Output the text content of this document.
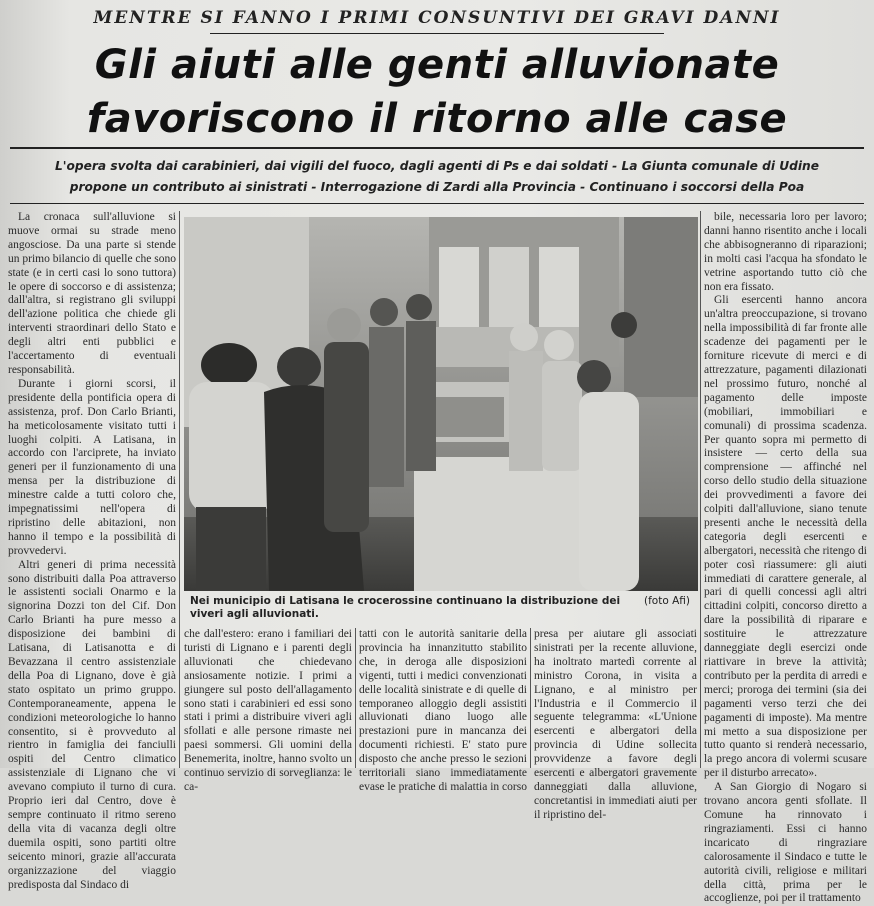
MENTRE SI FANNO I PRIMI CONSUNTIVI DEI GRAVI DANNI
Gli aiuti alle genti alluvionate
favoriscono il ritorno alle case
L'opera svolta dai carabinieri, dai vigili del fuoco, dagli agenti di Ps e dai soldati - La Giunta comunale di Udine
propone un contributo ai sinistrati - Interrogazione di Zardi alla Provincia - Continuano i soccorsi della Poa

La cronaca sull'alluvione si muove ormai su strade meno angosciose. Da una parte si stende un primo bilancio di quelle che sono state (e in certi casi lo sono tuttora) le opere di soccorso e di assistenza; dall'altra, si registrano gli sviluppi dell'azione politica che chiede gli interventi straordinari dello Stato e degli altri enti pubblici e l'accertamento di eventuali responsabilità.

Durante i giorni scorsi, il presidente della pontificia opera di assistenza, prof. Don Carlo Brianti, ha meticolosamente visitato tutti i luoghi colpiti. A Latisana, in accordo con l'arciprete, ha inviato generi per il funzionamento di una mensa per la distribuzione di minestre calde a tutti coloro che, impegnatissimi nell'opera di ripristino delle abitazioni, non hanno il tempo e la possibilità di provvedervi.

Altri generi di prima necessità sono distribuiti dalla Poa attraverso le assistenti sociali Onarmo e la signorina Dozzi ton del Cif. Don Carlo Brianti ha pure messo a disposizione dei bambini di Latisana, di Latisanotta e di Bevazzana il centro assistenziale della Poa di Lignano, dove è già stato ospitato un primo gruppo. Contemporaneamente, appena le condizioni meteorologiche lo hanno consentito, si è provveduto al rientro in famiglia dei fanciulli ospiti del Centro climatico assistenziale di Lignano che vi avevano compiuto il turno di cura. Proprio ieri dal Centro, dove è sempre continuato il ritmo sereno della vita di vacanza degli oltre duemila ospiti, sono partiti oltre seicento minori, grazie all'accurata organizzazione del viaggio predisposta dal Sindaco di

(foto Afi)
Nei municipio di Latisana le crocerossine continuano la distribuzione dei viveri agli alluvionati.

bile, necessaria loro per lavoro; danni hanno risentito anche i locali che abbisogneranno di riparazioni; in molti casi l'acqua ha sfondato le vetrine asportando tutto ciò che non era fissato.

Gli esercenti hanno ancora un'altra preoccupazione, si trovano nella impossibilità di far fronte alle scadenze dei pagamenti per le forniture ricevute di merci e di attrezzature, pagamenti dilazionati nel prossimo futuro, nonché al pagamento delle imposte (mobiliari, immobiliari e comunali) di prossima scadenza. Per quanto sopra mi permetto di insistere — certo della sua comprensione — affinché nel corso dello studio della situazione dei provvedimenti a favore dei colpiti dall'alluvione, siano tenute presenti anche le necessità della categoria degli esercenti e albergatori, necessità che ritengo di poter così riassumere: gli aiuti immediati di carattere generale, al pari di quelli concessi agli altri cittadini colpiti, concorso diretto a dare la possibilità di riparare e sostituire le attrezzature danneggiate degli esercizi onde riattivare in breve la attività; contributo per la perdita di arredi e merci; proroga dei termini (sia dei pagamenti verso terzi che dei pagamenti di imposte). Ma mentre mi metto a sua disposizione per tutto quanto si renderà necessario, la prego ancora di volermi scusare per il disturbo arrecato».

A San Giorgio di Nogaro si trovano ancora genti sfollate. Il Comune ha rinnovato i ringraziamenti. Essi ci hanno incaricato di ringraziare calorosamente il Sindaco e tutte le autorità civili, religiose e militari della città, prima per le accoglienze, poi per il trattamento

che dall'estero: erano i familiari dei turisti di Lignano e i parenti degli alluvionati che chiedevano ansiosamente notizie. I primi a giungere sul posto dell'allagamento sono stati i carabinieri ed essi sono stati i primi a distribuire viveri agli sfollati e alle persone rimaste nei paesi sommersi. Gli uomini della Benemerita, inoltre, hanno svolto un continuo servizio di sorveglianza: le ca-

tatti con le autorità sanitarie della provincia ha innanzitutto stabilito che, in deroga alle disposizioni vigenti, tutti i medici convenzionati delle località sinistrate e di quelle di temporaneo alloggio degli assistiti alluvionati diano luogo alle prestazioni pure in mancanza dei documenti richiesti. E' stato pure disposto che anche presso le sezioni territoriali siano immediatamente evase le pratiche di malattia in corso

presa per aiutare gli associati sinistrati per la recente alluvione, ha inoltrato martedì corrente al ministro Corona, in visita a Lignano, e al ministro per l'Industria e il Commercio il seguente telegramma: «L'Unione esercenti e albergatori della provincia di Udine sollecita provvidenze a favore degli esercenti e albergatori gravemente danneggiati dalla alluvione, concretantisi in immediati aiuti per il ripristino del-
